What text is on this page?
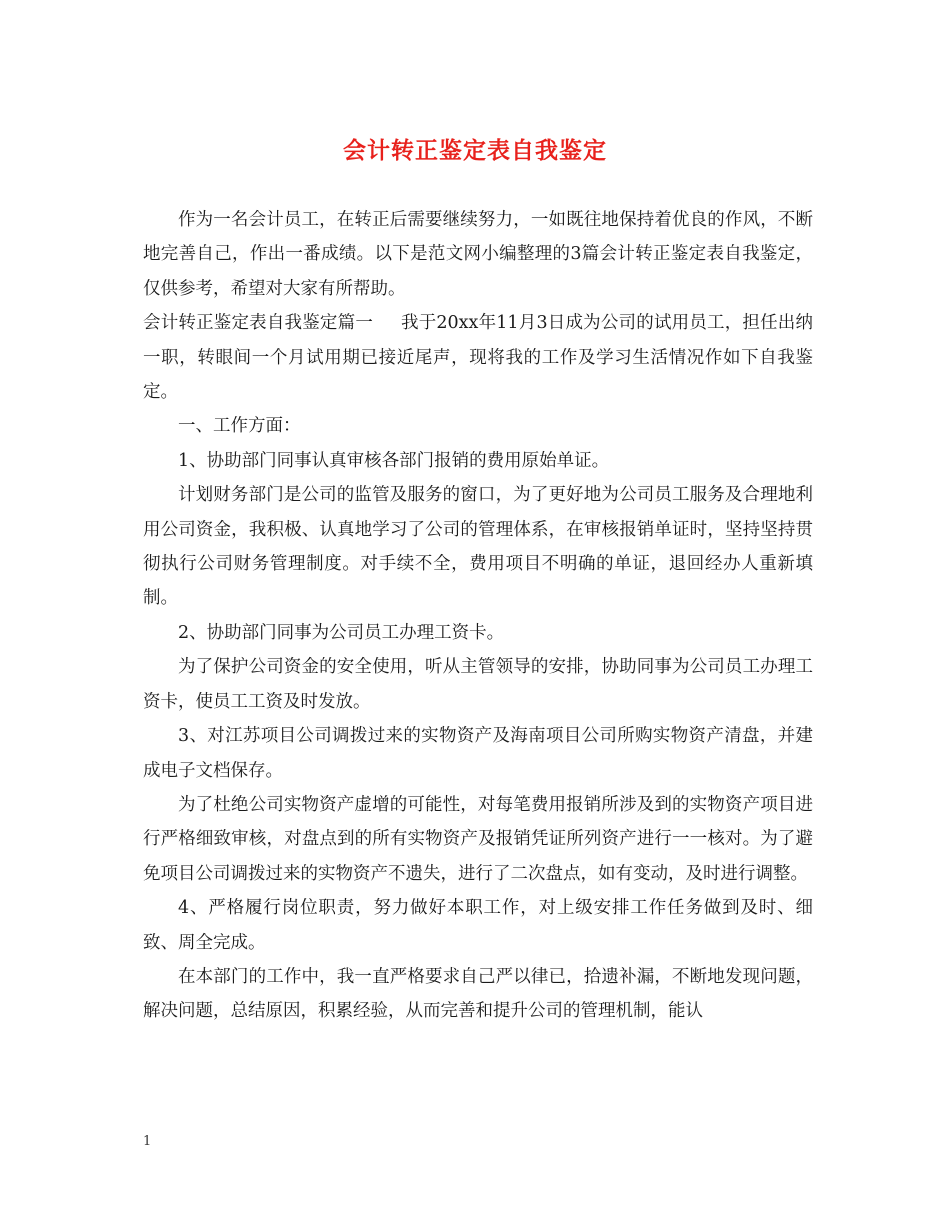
会计转正鉴定表自我鉴定

作为一名会计员工，在转正后需要继续努力，一如既往地保持着优良的作风，不断地完善自己，作出一番成绩。以下是范文网小编整理的3篇会计转正鉴定表自我鉴定，仅供参考，希望对大家有所帮助。

会计转正鉴定表自我鉴定篇一 我于20xx年11月3日成为公司的试用员工，担任出纳一职，转眼间一个月试用期已接近尾声，现将我的工作及学习生活情况作如下自我鉴定。

一、工作方面：

1、协助部门同事认真审核各部门报销的费用原始单证。

计划财务部门是公司的监管及服务的窗口，为了更好地为公司员工服务及合理地利用公司资金，我积极、认真地学习了公司的管理体系，在审核报销单证时，坚持坚持贯彻执行公司财务管理制度。对手续不全，费用项目不明确的单证，退回经办人重新填制。

2、协助部门同事为公司员工办理工资卡。

为了保护公司资金的安全使用，听从主管领导的安排，协助同事为公司员工办理工资卡，使员工工资及时发放。

3、对江苏项目公司调拨过来的实物资产及海南项目公司所购实物资产清盘，并建成电子文档保存。

为了杜绝公司实物资产虚增的可能性，对每笔费用报销所涉及到的实物资产项目进行严格细致审核，对盘点到的所有实物资产及报销凭证所列资产进行一一核对。为了避免项目公司调拨过来的实物资产不遗失，进行了二次盘点，如有变动，及时进行调整。

4、严格履行岗位职责，努力做好本职工作，对上级安排工作任务做到及时、细致、周全完成。

在本部门的工作中，我一直严格要求自己严以律已，拾遗补漏，不断地发现问题，解决问题，总结原因，积累经验，从而完善和提升公司的管理机制，能认

1
